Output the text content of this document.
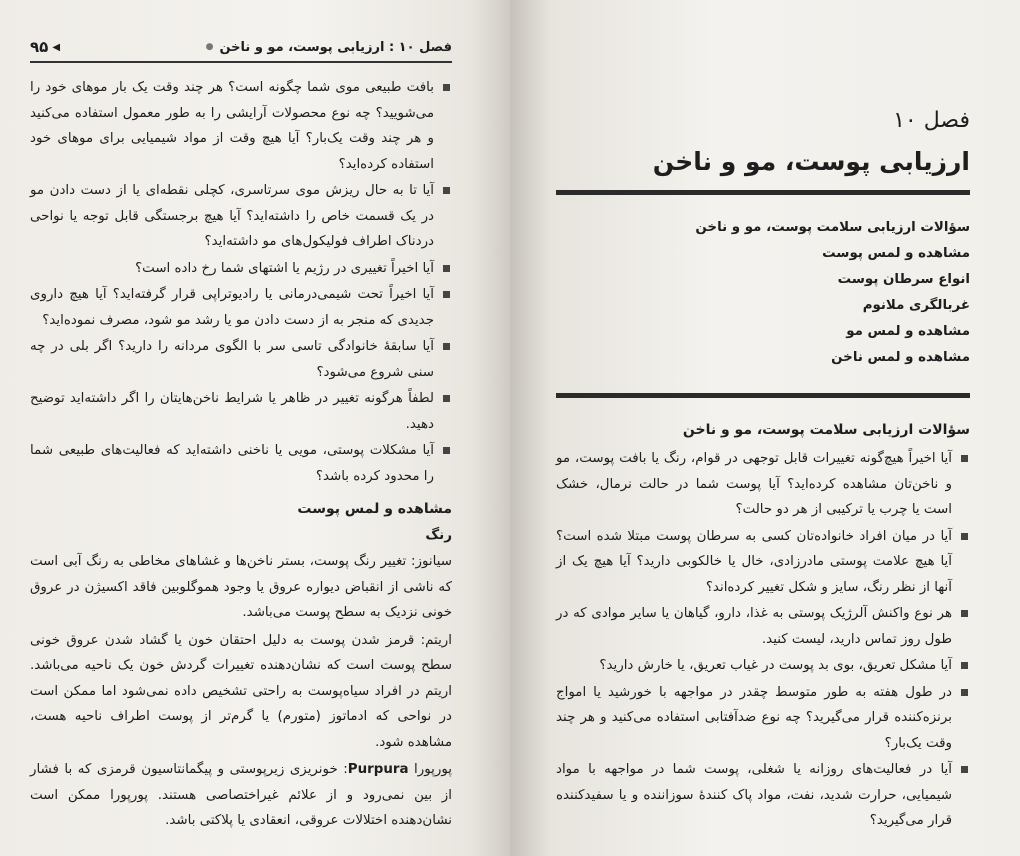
فصل ۱۰ : ارزیابی پوست، مو و ناخن
●
◀
۹۵
بافت طبیعی موی شما چگونه است؟ هر چند وقت یک بار موهای خود را می‌شویید؟ چه نوع محصولات آرایشی را به طور معمول استفاده می‌کنید و هر چند وقت یک‌بار؟ آیا هیچ وقت از مواد شیمیایی برای موهای خود استفاده کرده‌اید؟
آیا تا به حال ریزش موی سرتاسری، کچلی نقطه‌ای یا از دست دادن مو در یک قسمت خاص را داشته‌اید؟ آیا هیچ برجستگی قابل توجه یا نواحی دردناک اطراف فولیکول‌های مو داشته‌اید؟
آیا اخیراً تغییری در رژیم یا اشتهای شما رخ داده است؟
آیا اخیراً تحت شیمی‌درمانی یا رادیوتراپی قرار گرفته‌اید؟ آیا هیچ داروی جدیدی که منجر به از دست دادن مو یا رشد مو شود، مصرف نموده‌اید؟
آیا سابقهٔ خانوادگی تاسی سر با الگوی مردانه را دارید؟ اگر بلی در چه سنی شروع می‌شود؟
لطفاً هرگونه تغییر در ظاهر یا شرایط ناخن‌هایتان را اگر داشته‌اید توضیح دهید.
آیا مشکلات پوستی، مویی یا ناخنی داشته‌اید که فعالیت‌های طبیعی شما را محدود کرده باشد؟
مشاهده و لمس پوست
رنگ
سیانوز: تغییر رنگ پوست، بستر ناخن‌ها و غشاهای مخاطی به رنگ آبی است که ناشی از انقباض دیواره عروق یا وجود هموگلوبین فاقد اکسیژن در عروق خونی نزدیک به سطح پوست می‌باشد.
اریتم: قرمز شدن پوست به دلیل احتقان خون یا گشاد شدن عروق خونی سطح پوست است که نشان‌دهنده تغییرات گردش خون یک ناحیه می‌باشد. اریتم در افراد سیاه‌پوست به راحتی تشخیص داده نمی‌شود اما ممکن است در نواحی که ادماتوز (متورم) یا گرم‌تر از پوست اطراف ناحیه هست، مشاهده شود.
پورپورا Purpura: خونریزی زیرپوستی و پیگمانتاسیون قرمزی که با فشار از بین نمی‌رود و از علائم غیراختصاصی هستند. پورپورا ممکن است نشان‌دهنده اختلالات عروقی، انعقادی یا پلاکتی باشد.
فصل ۱۰
ارزیابی پوست، مو و ناخن
سؤالات ارزیابی سلامت پوست، مو و ناخن
مشاهده و لمس پوست
انواع سرطان پوست
غربالگری ملانوم
مشاهده و لمس مو
مشاهده و لمس ناخن
سؤالات ارزیابی سلامت پوست، مو و ناخن
آیا اخیراً هیچ‌گونه تغییرات قابل توجهی در قوام، رنگ یا بافت پوست، مو و ناخن‌تان مشاهده کرده‌اید؟ آیا پوست شما در حالت نرمال، خشک است یا چرب یا ترکیبی از هر دو حالت؟
آیا در میان افراد خانواده‌تان کسی به سرطان پوست مبتلا شده است؟ آیا هیچ علامت پوستی مادرزادی، خال یا خالکوبی دارید؟ آیا هیچ یک از آنها از نظر رنگ، سایز و شکل تغییر کرده‌اند؟
هر نوع واکنش آلرژیک پوستی به غذا، دارو، گیاهان یا سایر موادی که در طول روز تماس دارید، لیست کنید.
آیا مشکل تعریق، بوی بد پوست در غیاب تعریق، یا خارش دارید؟
در طول هفته به طور متوسط چقدر در مواجهه با خورشید یا امواج برنزه‌کننده قرار می‌گیرید؟ چه نوع ضدآفتابی استفاده می‌کنید و هر چند وقت یک‌بار؟
آیا در فعالیت‌های روزانه یا شغلی، پوست شما در مواجهه با مواد شیمیایی، حرارت شدید، نفت، مواد پاک کنندهٔ سوزاننده و یا سفیدکننده قرار می‌گیرید؟
